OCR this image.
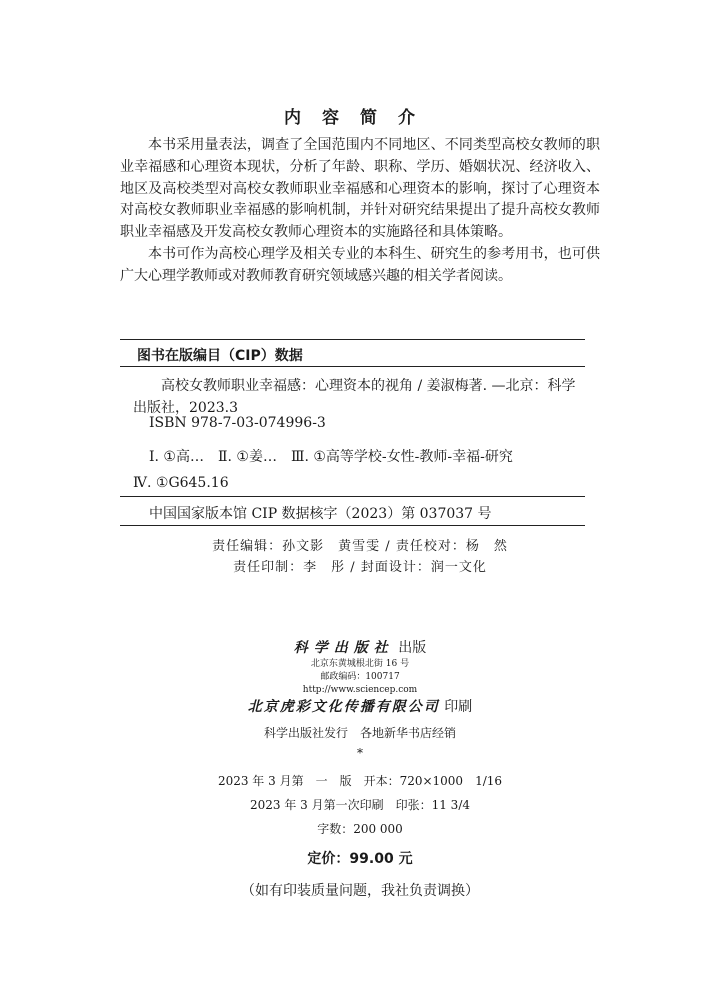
内容简介

本书采用量表法，调查了全国范围内不同地区、不同类型高校女教师的职业幸福感和心理资本现状，分析了年龄、职称、学历、婚姻状况、经济收入、地区及高校类型对高校女教师职业幸福感和心理资本的影响，探讨了心理资本对高校女教师职业幸福感的影响机制，并针对研究结果提出了提升高校女教师职业幸福感及开发高校女教师心理资本的实施路径和具体策略。

本书可作为高校心理学及相关专业的本科生、研究生的参考用书，也可供广大心理学教师或对教师教育研究领域感兴趣的相关学者阅读。

图书在版编目（CIP）数据

高校女教师职业幸福感：心理资本的视角 / 姜淑梅著. —北京：科学出版社，2023.3

ISBN 978-7-03-074996-3
Ⅰ. ①高…　Ⅱ. ①姜…　Ⅲ. ①高等学校-女性-教师-幸福-研究
Ⅳ. ①G645.16
中国国家版本馆 CIP 数据核字（2023）第 037037 号
责任编辑：孙文影　黄雪雯 / 责任校对：杨　然
责任印制：李　彤 / 封面设计：润一文化
科学出版社 出版
北京东黄城根北街 16 号
邮政编码：100717
http://www.sciencep.com
北京虎彩文化传播有限公司 印刷
科学出版社发行　各地新华书店经销
*
2023 年 3 月第　一　版　开本：720×1000　1/16
2023 年 3 月第一次印刷　印张：11 3/4
字数：200 000
定价：99.00 元
（如有印装质量问题，我社负责调换）
